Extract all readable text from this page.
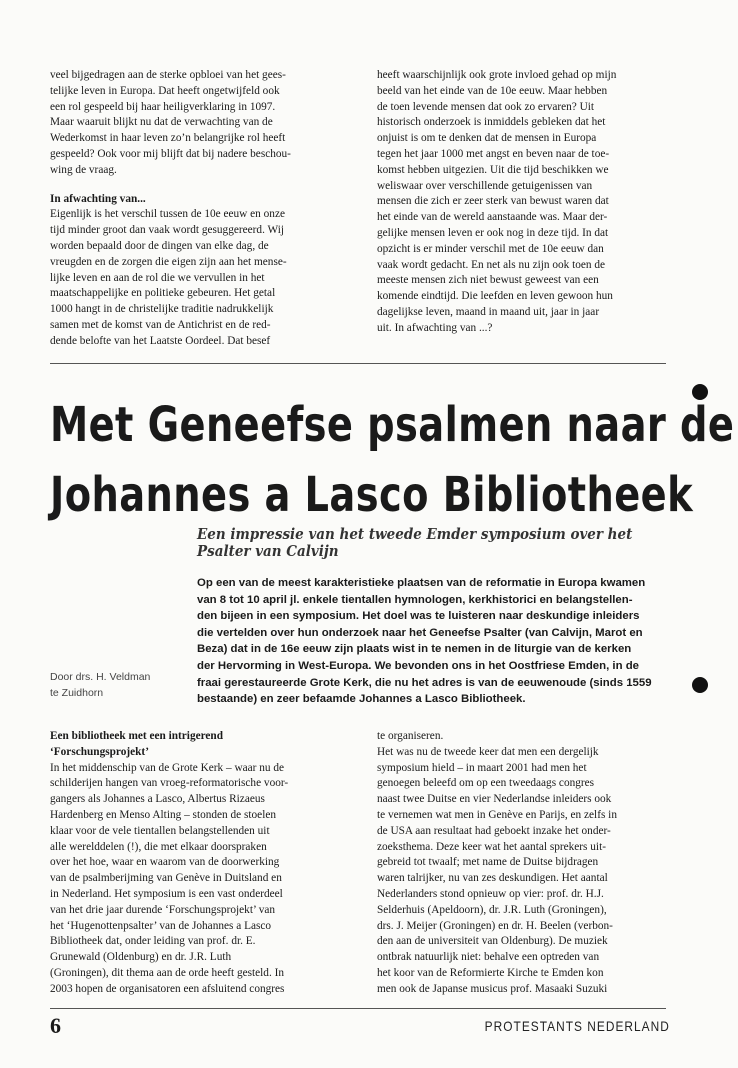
veel bijgedragen aan de sterke opbloei van het gees-

telijke leven in Europa. Dat heeft ongetwijfeld ook

een rol gespeeld bij haar heiligverklaring in 1097.

Maar waaruit blijkt nu dat de verwachting van de

Wederkomst in haar leven zo’n belangrijke rol heeft

gespeeld? Ook voor mij blijft dat bij nadere beschou-

wing de vraag.

In afwachting van...

Eigenlijk is het verschil tussen de 10e eeuw en onze

tijd minder groot dan vaak wordt gesuggereerd. Wij

worden bepaald door de dingen van elke dag, de

vreugden en de zorgen die eigen zijn aan het mense-

lijke leven en aan de rol die we vervullen in het

maatschappelijke en politieke gebeuren. Het getal

1000 hangt in de christelijke traditie nadrukkelijk

samen met de komst van de Antichrist en de red-

dende belofte van het Laatste Oordeel. Dat besef

heeft waarschijnlijk ook grote invloed gehad op mijn

beeld van het einde van de 10e eeuw. Maar hebben

de toen levende mensen dat ook zo ervaren? Uit

historisch onderzoek is inmiddels gebleken dat het

onjuist is om te denken dat de mensen in Europa

tegen het jaar 1000 met angst en beven naar de toe-

komst hebben uitgezien. Uit die tijd beschikken we

weliswaar over verschillende getuigenissen van

mensen die zich er zeer sterk van bewust waren dat

het einde van de wereld aanstaande was. Maar der-

gelijke mensen leven er ook nog in deze tijd. In dat

opzicht is er minder verschil met de 10e eeuw dan

vaak wordt gedacht. En net als nu zijn ook toen de

meeste mensen zich niet bewust geweest van een

komende eindtijd. Die leefden en leven gewoon hun

dagelijkse leven, maand in maand uit, jaar in jaar

uit. In afwachting van ...?

Met Geneefse psalmen naar de
Johannes a Lasco Bibliotheek
Een impressie van het tweede Emder symposium over het
Psalter van Calvijn
Op een van de meest karakteristieke plaatsen van de reformatie in Europa kwamen
van 8 tot 10 april jl. enkele tientallen hymnologen, kerkhistorici en belangstellen-
den bijeen in een symposium. Het doel was te luisteren naar deskundige inleiders
die vertelden over hun onderzoek naar het Geneefse Psalter (van Calvijn, Marot en
Beza) dat in de 16e eeuw zijn plaats wist in te nemen in de liturgie van de kerken
der Hervorming in West-Europa. We bevonden ons in het Oostfriese Emden, in de
fraai gerestaureerde Grote Kerk, die nu het adres is van de eeuwenoude (sinds 1559
bestaande) en zeer befaamde Johannes a Lasco Bibliotheek.
Door drs. H. Veldman
te Zuidhorn

Een bibliotheek met een intrigerend

‘Forschungsprojekt’

In het middenschip van de Grote Kerk – waar nu de

schilderijen hangen van vroeg-reformatorische voor-

gangers als Johannes a Lasco, Albertus Rizaeus

Hardenberg en Menso Alting – stonden de stoelen

klaar voor de vele tientallen belangstellenden uit

alle werelddelen (!), die met elkaar doorspraken

over het hoe, waar en waarom van de doorwerking

van de psalmberijming van Genève in Duitsland en

in Nederland. Het symposium is een vast onderdeel

van het drie jaar durende ‘Forschungsprojekt’ van

het ‘Hugenottenpsalter’ van de Johannes a Lasco

Bibliotheek dat, onder leiding van prof. dr. E.

Grunewald (Oldenburg) en dr. J.R. Luth

(Groningen), dit thema aan de orde heeft gesteld. In

2003 hopen de organisatoren een afsluitend congres

te organiseren.

Het was nu de tweede keer dat men een dergelijk

symposium hield – in maart 2001 had men het

genoegen beleefd om op een tweedaags congres

naast twee Duitse en vier Nederlandse inleiders ook

te vernemen wat men in Genève en Parijs, en zelfs in

de USA aan resultaat had geboekt inzake het onder-

zoeksthema. Deze keer wat het aantal sprekers uit-

gebreid tot twaalf; met name de Duitse bijdragen

waren talrijker, nu van zes deskundigen. Het aantal

Nederlanders stond opnieuw op vier: prof. dr. H.J.

Selderhuis (Apeldoorn), dr. J.R. Luth (Groningen),

drs. J. Meijer (Groningen) en dr. H. Beelen (verbon-

den aan de universiteit van Oldenburg). De muziek

ontbrak natuurlijk niet: behalve een optreden van

het koor van de Reformierte Kirche te Emden kon

men ook de Japanse musicus prof. Masaaki Suzuki

6	PROTESTANTS NEDERLAND
